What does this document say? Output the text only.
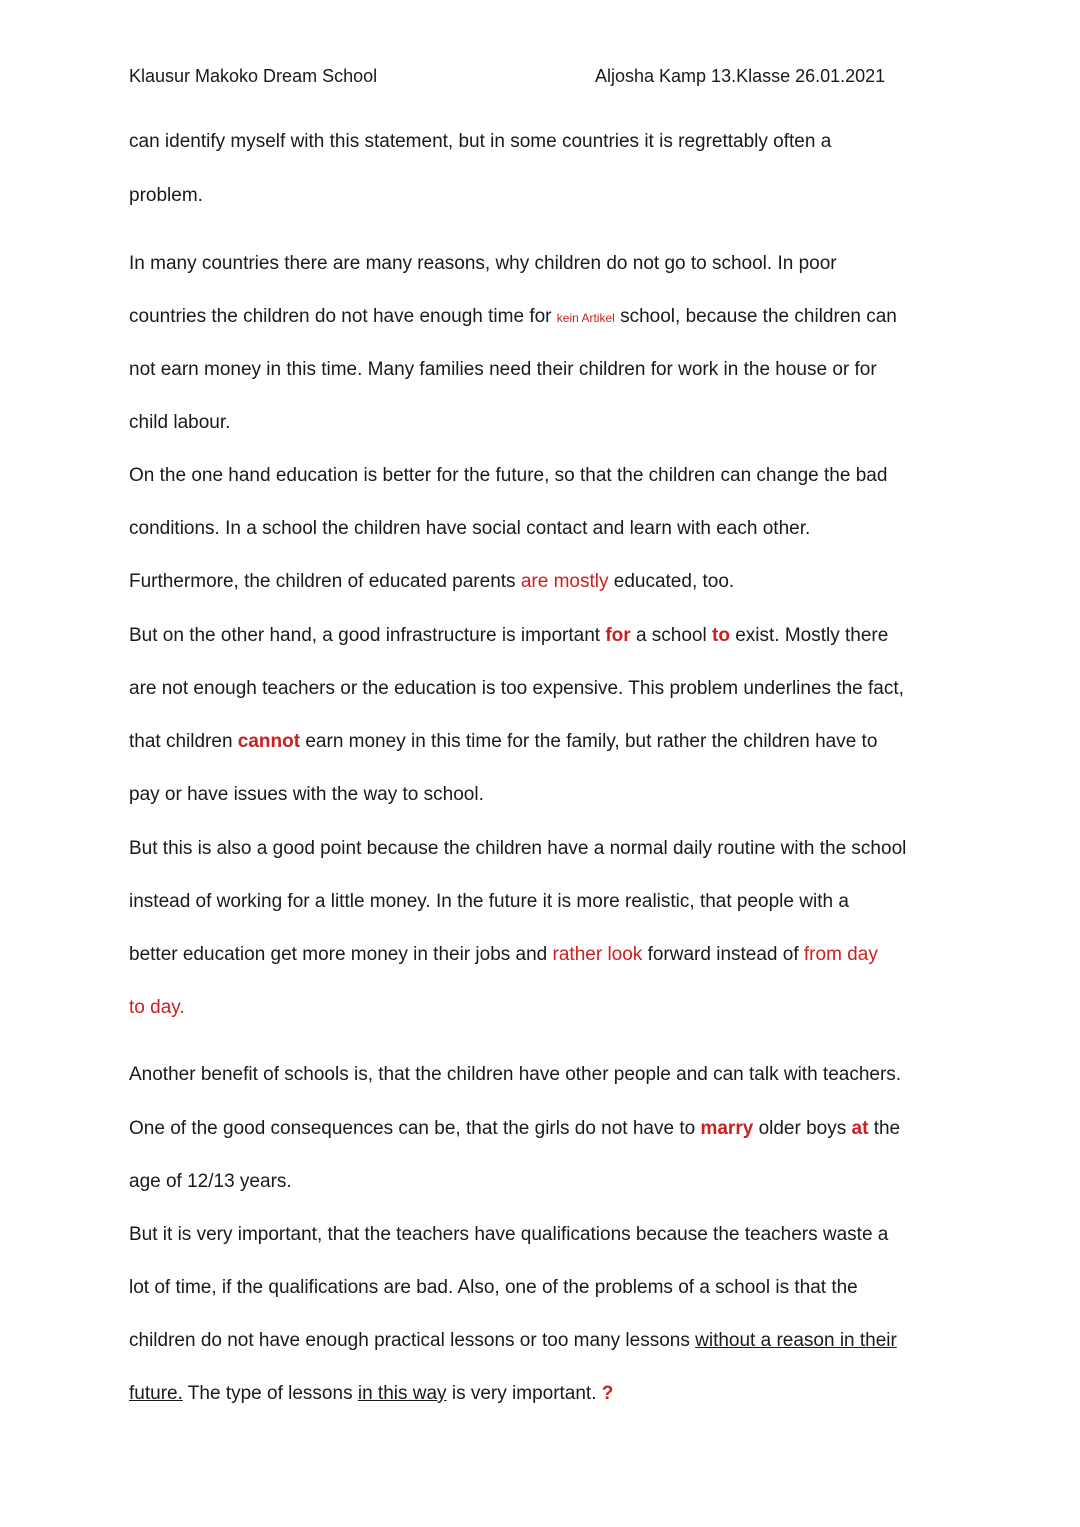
Klausur Makoko Dream School	Aljosha Kamp 13.Klasse 26.01.2021
can identify myself with this statement, but in some countries it is regrettably often a
problem.
In many countries there are many reasons, why children do not go to school. In poor
countries the children do not have enough time for kein Artikel school, because the children can
not earn money in this time. Many families need their children for work in the house or for
child labour.
On the one hand education is better for the future, so that the children can change the bad
conditions. In a school the children have social contact and learn with each other.
Furthermore, the children of educated parents are mostly educated, too.
But on the other hand, a good infrastructure is important for a school to exist. Mostly there
are not enough teachers or the education is too expensive. This problem underlines the fact,
that children cannot earn money in this time for the family, but rather the children have to
pay or have issues with the way to school.
But this is also a good point because the children have a normal daily routine with the school
instead of working for a little money. In the future it is more realistic, that people with a
better education get more money in their jobs and rather look forward instead of from day
to day.
Another benefit of schools is, that the children have other people and can talk with teachers.
One of the good consequences can be, that the girls do not have to marry older boys at the
age of 12/13 years.
But it is very important, that the teachers have qualifications because the teachers waste a
lot of time, if the qualifications are bad. Also, one of the problems of a school is that the
children do not have enough practical lessons or too many lessons without a reason in their
future. The type of lessons in this way is very important. ?
